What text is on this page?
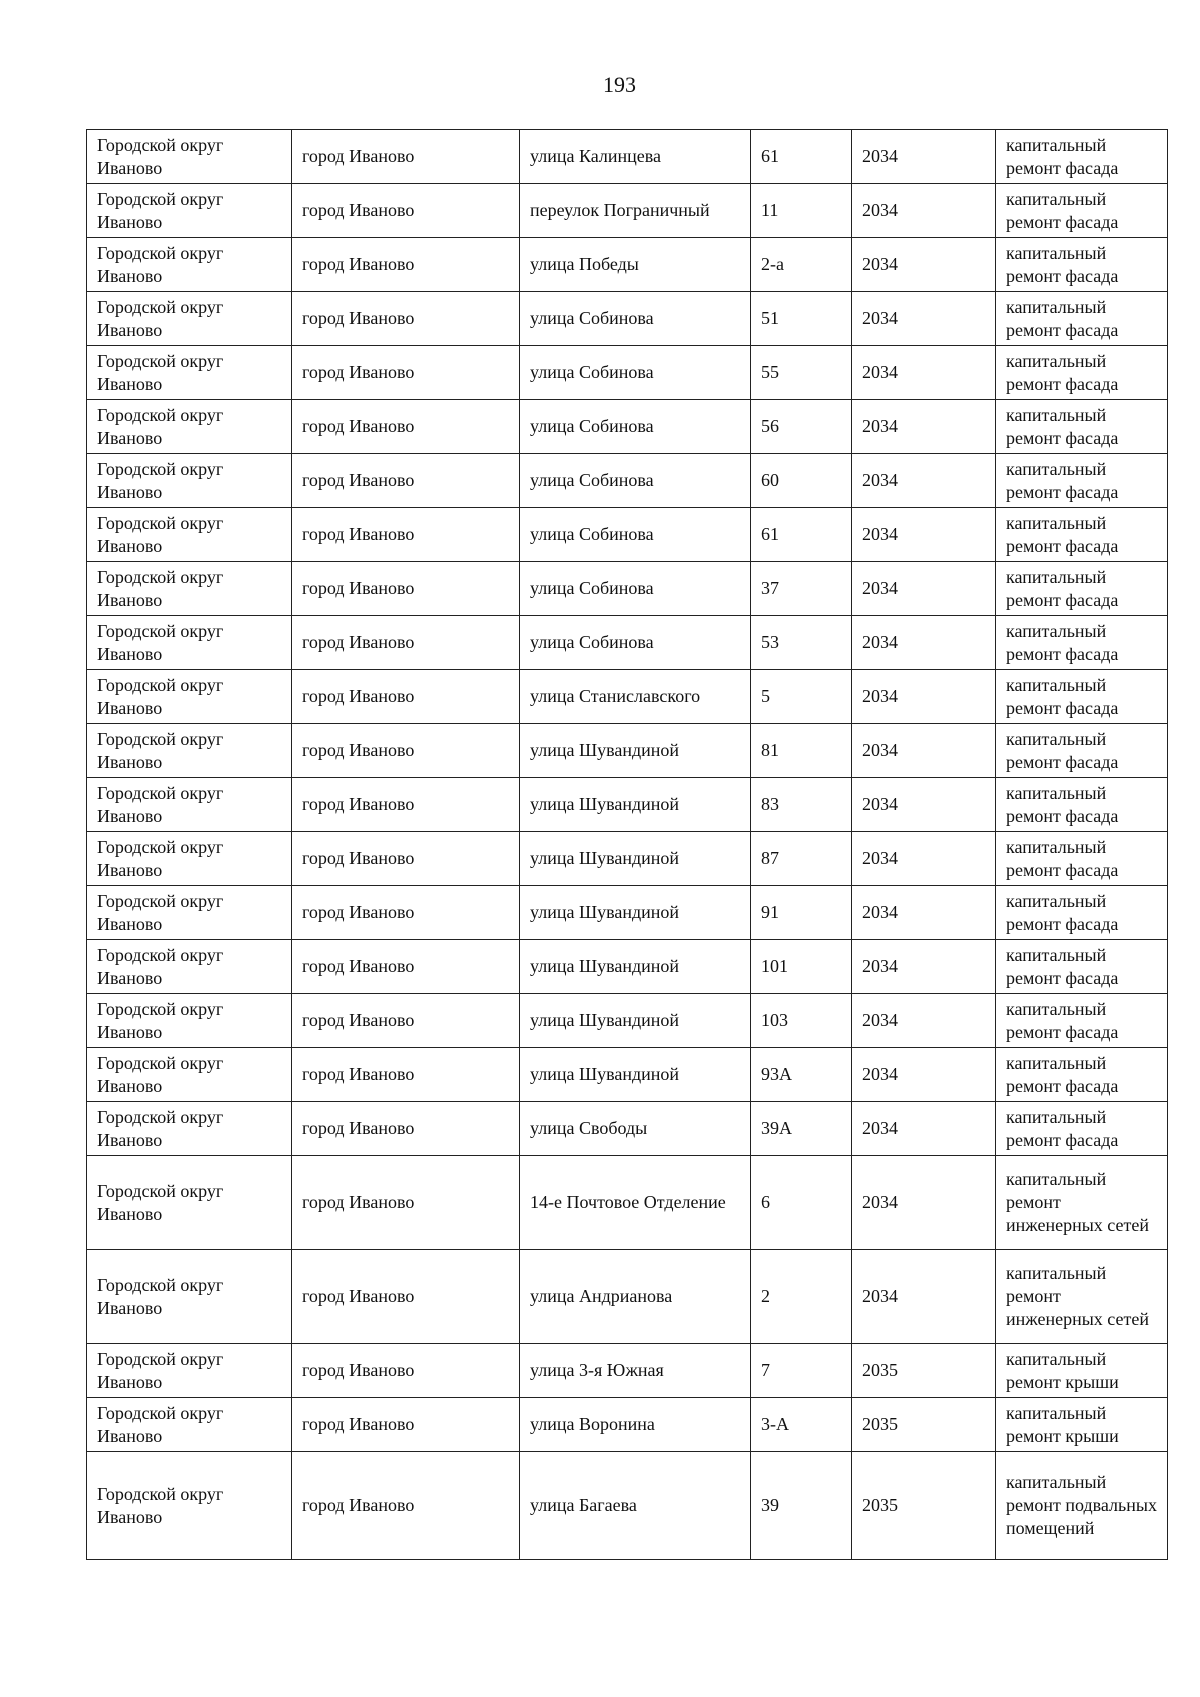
193
Городской округ Иваново	город Иваново	улица Калинцева	61	2034	капитальный ремонт фасада
Городской округ Иваново	город Иваново	переулок Пограничный	11	2034	капитальный ремонт фасада
Городской округ Иваново	город Иваново	улица Победы	2-а	2034	капитальный ремонт фасада
Городской округ Иваново	город Иваново	улица Собинова	51	2034	капитальный ремонт фасада
Городской округ Иваново	город Иваново	улица Собинова	55	2034	капитальный ремонт фасада
Городской округ Иваново	город Иваново	улица Собинова	56	2034	капитальный ремонт фасада
Городской округ Иваново	город Иваново	улица Собинова	60	2034	капитальный ремонт фасада
Городской округ Иваново	город Иваново	улица Собинова	61	2034	капитальный ремонт фасада
Городской округ Иваново	город Иваново	улица Собинова	37	2034	капитальный ремонт фасада
Городской округ Иваново	город Иваново	улица Собинова	53	2034	капитальный ремонт фасада
Городской округ Иваново	город Иваново	улица Станиславского	5	2034	капитальный ремонт фасада
Городской округ Иваново	город Иваново	улица Шувандиной	81	2034	капитальный ремонт фасада
Городской округ Иваново	город Иваново	улица Шувандиной	83	2034	капитальный ремонт фасада
Городской округ Иваново	город Иваново	улица Шувандиной	87	2034	капитальный ремонт фасада
Городской округ Иваново	город Иваново	улица Шувандиной	91	2034	капитальный ремонт фасада
Городской округ Иваново	город Иваново	улица Шувандиной	101	2034	капитальный ремонт фасада
Городской округ Иваново	город Иваново	улица Шувандиной	103	2034	капитальный ремонт фасада
Городской округ Иваново	город Иваново	улица Шувандиной	93А	2034	капитальный ремонт фасада
Городской округ Иваново	город Иваново	улица Свободы	39А	2034	капитальный ремонт фасада
Городской округ Иваново	город Иваново	14-е Почтовое Отделение	6	2034	капитальный ремонт инженерных сетей
Городской округ Иваново	город Иваново	улица Андрианова	2	2034	капитальный ремонт инженерных сетей
Городской округ Иваново	город Иваново	улица 3-я Южная	7	2035	капитальный ремонт крыши
Городской округ Иваново	город Иваново	улица Воронина	3-А	2035	капитальный ремонт крыши
Городской округ Иваново	город Иваново	улица Багаева	39	2035	капитальный ремонт подвальных помещений
